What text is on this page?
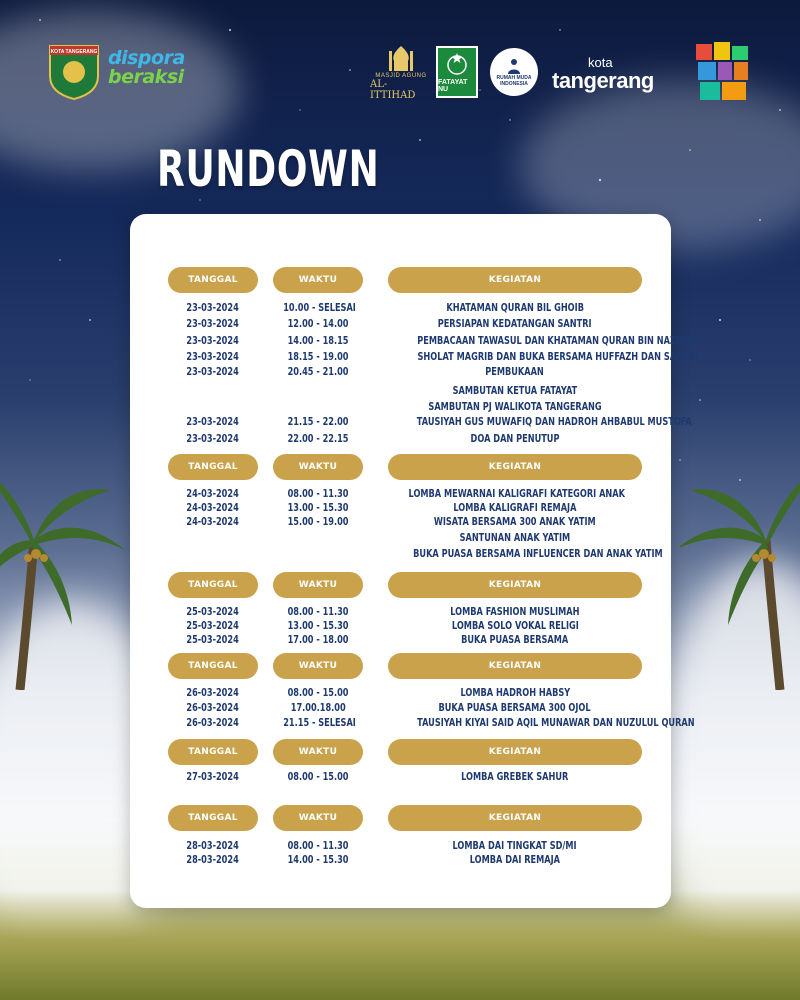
KOTA TANGERANG dispora
beraksi	MASJID AGUNG
AL-ITTIHAD
FATAYAT NU
RUMAH MUDA
INDONESIA
kota
tangerang
RUNDOWN
TANGGAL	WAKTU	KEGIATAN
23-03-2024	10.00 - SELESAI	KHATAMAN QURAN BIL GHOIB
23-03-2024	12.00 - 14.00	PERSIAPAN KEDATANGAN SANTRI
23-03-2024	14.00 - 18.15	PEMBACAAN TAWASUL DAN KHATAMAN QURAN BIN NAZHOR
23-03-2024	18.15 - 19.00	SHOLAT MAGRIB DAN BUKA BERSAMA HUFFAZH DAN SANTRI
23-03-2024	20.45 - 21.00	PEMBUKAAN
SAMBUTAN KETUA FATAYAT
SAMBUTAN PJ WALIKOTA TANGERANG
23-03-2024	21.15 - 22.00	TAUSIYAH GUS MUWAFIQ DAN HADROH AHBABUL MUSTOFA
23-03-2024	22.00 - 22.15	DOA DAN PENUTUP
TANGGAL	WAKTU	KEGIATAN
24-03-2024	08.00 - 11.30	LOMBA MEWARNAI KALIGRAFI KATEGORI ANAK
24-03-2024	13.00 - 15.30	LOMBA KALIGRAFI REMAJA
24-03-2024	15.00 - 19.00	WISATA BERSAMA 300 ANAK YATIM
SANTUNAN ANAK YATIM
BUKA PUASA BERSAMA INFLUENCER DAN ANAK YATIM
TANGGAL	WAKTU	KEGIATAN
25-03-2024	08.00 - 11.30	LOMBA FASHION MUSLIMAH
25-03-2024	13.00 - 15.30	LOMBA SOLO VOKAL RELIGI
25-03-2024	17.00 - 18.00	BUKA PUASA BERSAMA
TANGGAL	WAKTU	KEGIATAN
26-03-2024	08.00 - 15.00	LOMBA HADROH HABSY
26-03-2024	17.00.18.00	BUKA PUASA BERSAMA 300 OJOL
26-03-2024	21.15 - SELESAI	TAUSIYAH KIYAI SAID AQIL MUNAWAR DAN NUZULUL QURAN
TANGGAL	WAKTU	KEGIATAN
27-03-2024	08.00 - 15.00	LOMBA GREBEK SAHUR
TANGGAL	WAKTU	KEGIATAN
28-03-2024	08.00 - 11.30	LOMBA DAI TINGKAT SD/MI
28-03-2024	14.00 - 15.30	LOMBA DAI REMAJA
